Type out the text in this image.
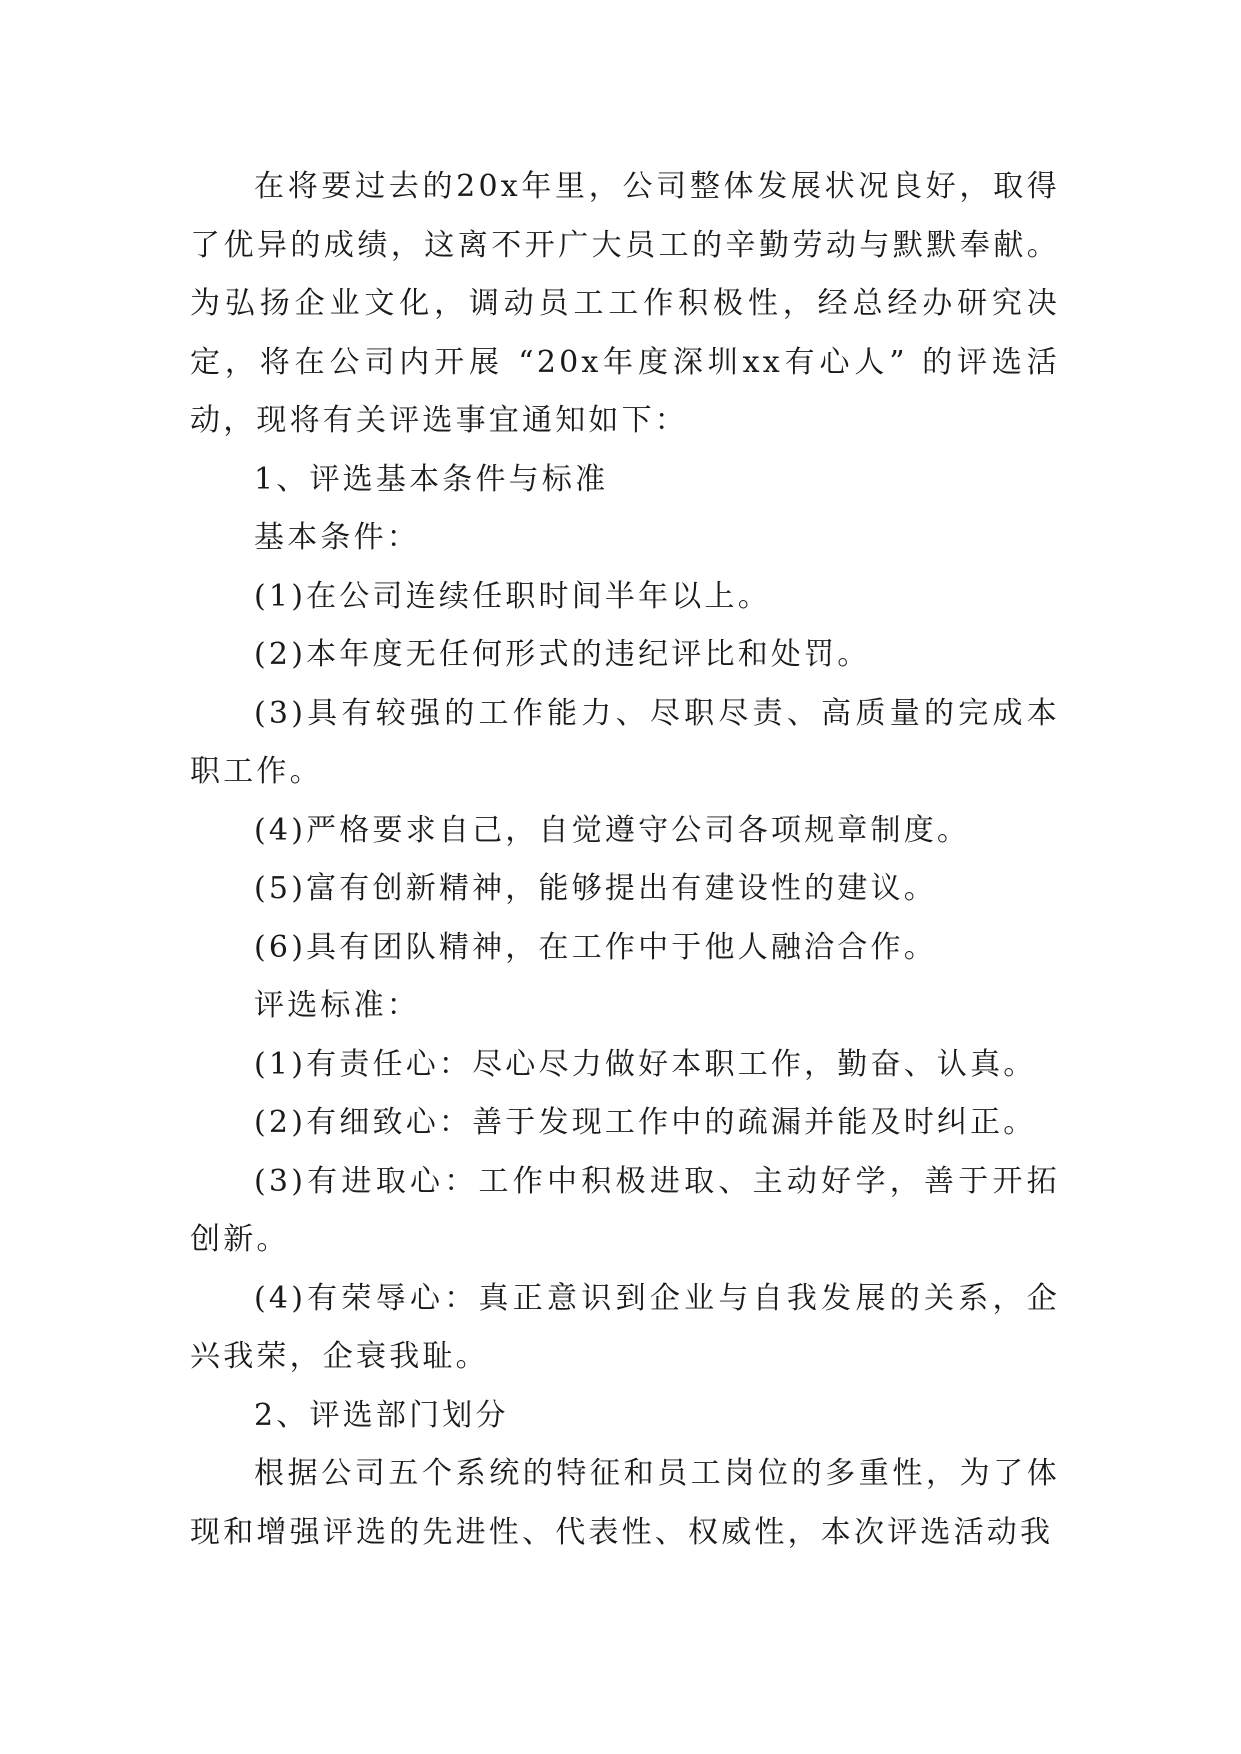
在将要过去的20x年里，公司整体发展状况良好，取得了优异的成绩，这离不开广大员工的辛勤劳动与默默奉献。为弘扬企业文化，调动员工工作积极性，经总经办研究决定，将在公司内开展 “20x年度深圳xx有心人” 的评选活动，现将有关评选事宜通知如下：

1、评选基本条件与标准

基本条件：

(1)在公司连续任职时间半年以上。

(2)本年度无任何形式的违纪评比和处罚。

(3)具有较强的工作能力、尽职尽责、高质量的完成本职工作。

(4)严格要求自己，自觉遵守公司各项规章制度。

(5)富有创新精神，能够提出有建设性的建议。

(6)具有团队精神，在工作中于他人融洽合作。

评选标准：

(1)有责任心：尽心尽力做好本职工作，勤奋、认真。

(2)有细致心：善于发现工作中的疏漏并能及时纠正。

(3)有进取心：工作中积极进取、主动好学，善于开拓创新。

(4)有荣辱心：真正意识到企业与自我发展的关系，企兴我荣，企衰我耻。

2、评选部门划分

根据公司五个系统的特征和员工岗位的多重性，为了体现和增强评选的先进性、代表性、权威性，本次评选活动我
